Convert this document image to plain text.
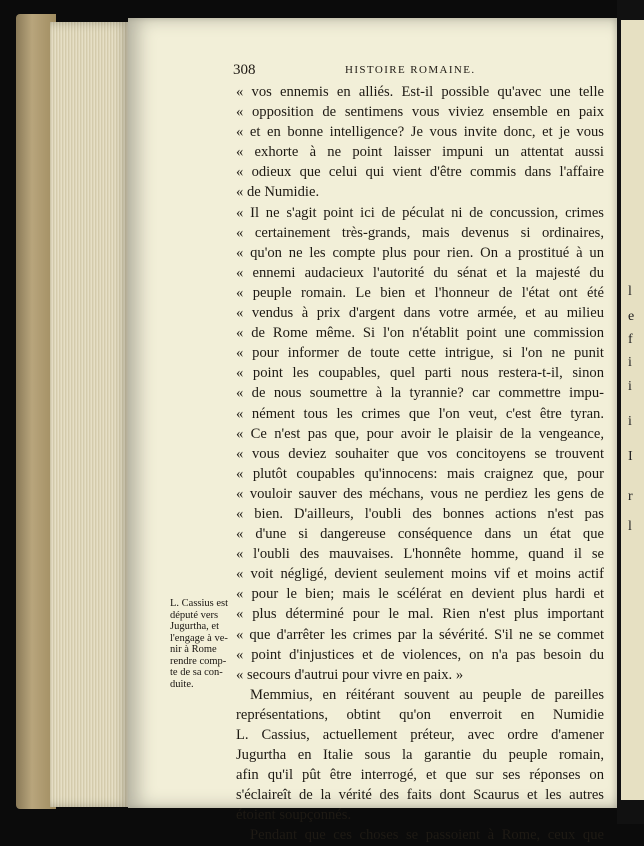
308	HISTOIRE ROMAINE.
« vos ennemis en alliés. Est-il possible qu'avec une telle
« opposition de sentimens vous viviez ensemble en paix
« et en bonne intelligence? Je vous invite donc, et je vous
« exhorte à ne point laisser impuni un attentat aussi
« odieux que celui qui vient d'être commis dans l'affaire
« de Numidie.
« Il ne s'agit point ici de péculat ni de concussion, crimes
« certainement très-grands, mais devenus si ordinaires,
« qu'on ne les compte plus pour rien. On a prostitué à un
« ennemi audacieux l'autorité du sénat et la majesté du
« peuple romain. Le bien et l'honneur de l'état ont été
« vendus à prix d'argent dans votre armée, et au milieu
« de Rome même. Si l'on n'établit point une commission
« pour informer de toute cette intrigue, si l'on ne punit
« point les coupables, quel parti nous restera-t-il, sinon
« de nous soumettre à la tyrannie? car commettre impu-
« nément tous les crimes que l'on veut, c'est être tyran.
« Ce n'est pas que, pour avoir le plaisir de la vengeance,
« vous deviez souhaiter que vos concitoyens se trouvent
« plutôt coupables qu'innocens: mais craignez que, pour
« vouloir sauver des méchans, vous ne perdiez les gens de
« bien. D'ailleurs, l'oubli des bonnes actions n'est pas
« d'une si dangereuse conséquence dans un état que
« l'oubli des mauvaises. L'honnête homme, quand il se
« voit négligé, devient seulement moins vif et moins actif
« pour le bien; mais le scélérat en devient plus hardi et
« plus déterminé pour le mal. Rien n'est plus important
« que d'arrêter les crimes par la sévérité. S'il ne se commet
« point d'injustices et de violences, on n'a pas besoin du
« secours d'autrui pour vivre en paix. »
Memmius, en réitérant souvent au peuple de pareilles
représentations, obtint qu'on enverroit en Numidie
L. Cassius, actuellement préteur, avec ordre d'amener
Jugurtha en Italie sous la garantie du peuple romain,
afin qu'il pût être interrogé, et que sur ses réponses on
s'éclaireît de la vérité des faits dont Scaurus et les autres
étoient soupçonnés.
Pendant que ces choses se passoient à Rome, ceux que
L. Cassius est
député vers
Jugurtha, et
l'engage à ve-
nir à Rome
rendre comp-
te de sa con-
duite.
l
e
f
i
i
i
I
r
l
